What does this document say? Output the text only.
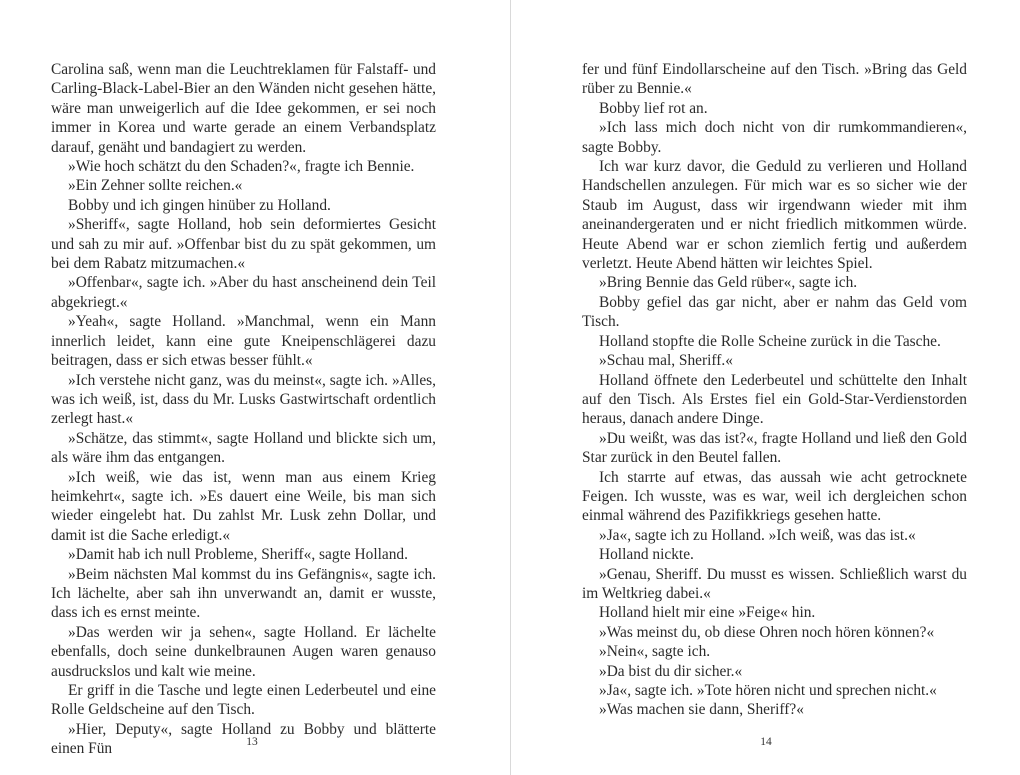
Carolina saß, wenn man die Leuchtreklamen für Falstaff- und Carling-Black-Label-Bier an den Wänden nicht gesehen hätte, wäre man unweigerlich auf die Idee gekommen, er sei noch immer in Korea und warte gerade an einem Verbandsplatz darauf, genäht und bandagiert zu werden.

»Wie hoch schätzt du den Schaden?«, fragte ich Bennie.

»Ein Zehner sollte reichen.«

Bobby und ich gingen hinüber zu Holland.

»Sheriff«, sagte Holland, hob sein deformiertes Gesicht und sah zu mir auf. »Offenbar bist du zu spät gekommen, um bei dem Rabatz mitzumachen.«

»Offenbar«, sagte ich. »Aber du hast anscheinend dein Teil abgekriegt.«

»Yeah«, sagte Holland. »Manchmal, wenn ein Mann innerlich leidet, kann eine gute Kneipenschlägerei dazu beitragen, dass er sich etwas besser fühlt.«

»Ich verstehe nicht ganz, was du meinst«, sagte ich. »Alles, was ich weiß, ist, dass du Mr. Lusks Gastwirtschaft ordentlich zerlegt hast.«

»Schätze, das stimmt«, sagte Holland und blickte sich um, als wäre ihm das entgangen.

»Ich weiß, wie das ist, wenn man aus einem Krieg heimkehrt«, sagte ich. »Es dauert eine Weile, bis man sich wieder eingelebt hat. Du zahlst Mr. Lusk zehn Dollar, und damit ist die Sache erledigt.«

»Damit hab ich null Probleme, Sheriff«, sagte Holland.

»Beim nächsten Mal kommst du ins Gefängnis«, sagte ich. Ich lächelte, aber sah ihn unverwandt an, damit er wusste, dass ich es ernst meinte.

»Das werden wir ja sehen«, sagte Holland. Er lächelte ebenfalls, doch seine dunkelbraunen Augen waren genauso ausdruckslos und kalt wie meine.

Er griff in die Tasche und legte einen Lederbeutel und eine Rolle Geldscheine auf den Tisch.

»Hier, Deputy«, sagte Holland zu Bobby und blätterte einen Fün	13

fer und fünf Eindollarscheine auf den Tisch. »Bring das Geld rüber zu Bennie.«

Bobby lief rot an.

»Ich lass mich doch nicht von dir rumkommandieren«, sagte Bobby.

Ich war kurz davor, die Geduld zu verlieren und Holland Handschellen anzulegen. Für mich war es so sicher wie der Staub im August, dass wir irgendwann wieder mit ihm aneinandergeraten und er nicht friedlich mitkommen würde. Heute Abend war er schon ziemlich fertig und außerdem verletzt. Heute Abend hätten wir leichtes Spiel.

»Bring Bennie das Geld rüber«, sagte ich.

Bobby gefiel das gar nicht, aber er nahm das Geld vom Tisch.

Holland stopfte die Rolle Scheine zurück in die Tasche.

»Schau mal, Sheriff.«

Holland öffnete den Lederbeutel und schüttelte den Inhalt auf den Tisch. Als Erstes fiel ein Gold-Star-Verdienstorden heraus, danach andere Dinge.

»Du weißt, was das ist?«, fragte Holland und ließ den Gold Star zurück in den Beutel fallen.

Ich starrte auf etwas, das aussah wie acht getrocknete Feigen. Ich wusste, was es war, weil ich dergleichen schon einmal während des Pazifikkriegs gesehen hatte.

»Ja«, sagte ich zu Holland. »Ich weiß, was das ist.«

Holland nickte.

»Genau, Sheriff. Du musst es wissen. Schließlich warst du im Weltkrieg dabei.«

Holland hielt mir eine »Feige« hin.

»Was meinst du, ob diese Ohren noch hören können?«

»Nein«, sagte ich.

»Da bist du dir sicher.«

»Ja«, sagte ich. »Tote hören nicht und sprechen nicht.«

»Was machen sie dann, Sheriff?«

14
